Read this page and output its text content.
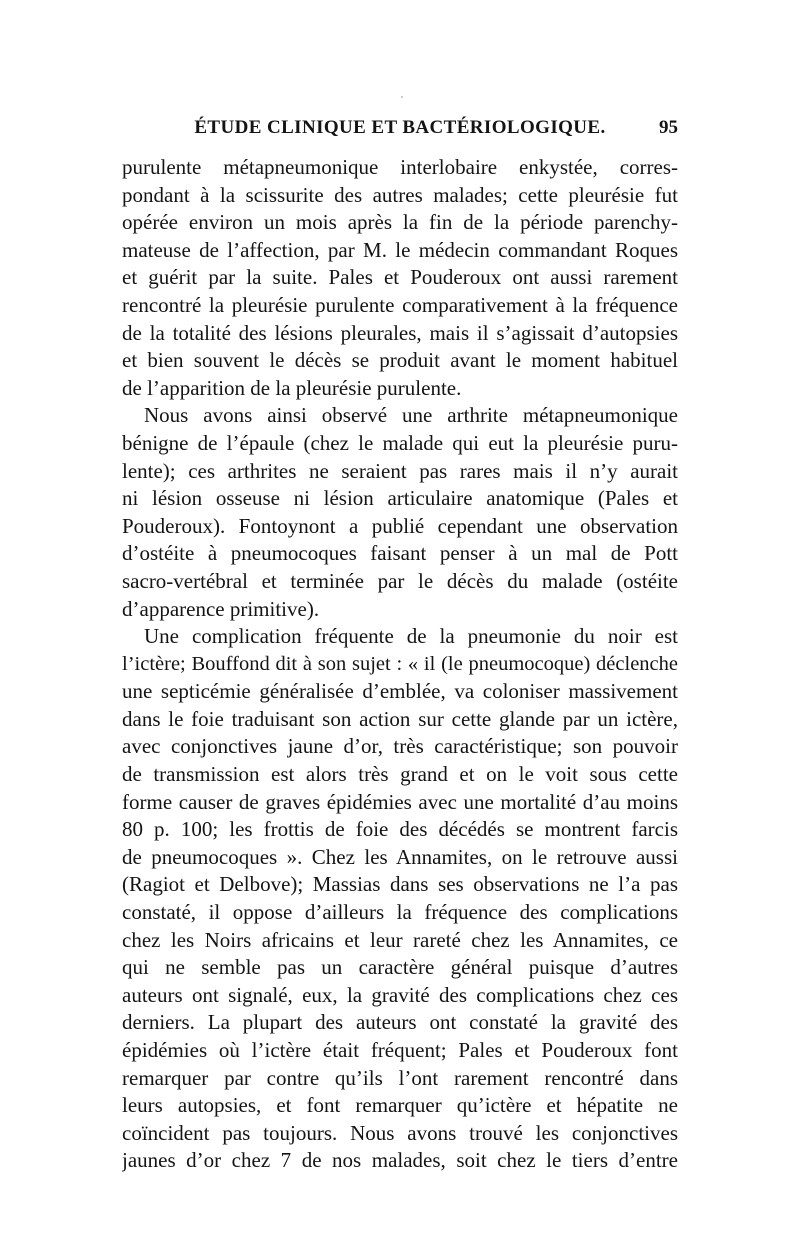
ÉTUDE CLINIQUE ET BACTÉRIOLOGIQUE.	95
purulente métapneumonique interlobaire enkystée, corres-
pondant à la scissurite des autres malades; cette pleurésie fut
opérée environ un mois après la fin de la période parenchy-
mateuse de l’affection, par M. le médecin commandant Roques
et guérit par la suite. Pales et Pouderoux ont aussi rarement
rencontré la pleurésie purulente comparativement à la fréquence
de la totalité des lésions pleurales, mais il s’agissait d’autopsies
et bien souvent le décès se produit avant le moment habituel
de l’apparition de la pleurésie purulente.
Nous avons ainsi observé une arthrite métapneumonique
bénigne de l’épaule (chez le malade qui eut la pleurésie puru-
lente); ces arthrites ne seraient pas rares mais il n’y aurait
ni lésion osseuse ni lésion articulaire anatomique (Pales et
Pouderoux). Fontoynont a publié cependant une observation
d’ostéite à pneumocoques faisant penser à un mal de Pott
sacro-vertébral et terminée par le décès du malade (ostéite
d’apparence primitive).
Une complication fréquente de la pneumonie du noir est
l’ictère; Bouffond dit à son sujet : « il (le pneumocoque) déclenche
une septicémie généralisée d’emblée, va coloniser massivement
dans le foie traduisant son action sur cette glande par un ictère,
avec conjonctives jaune d’or, très caractéristique; son pouvoir
de transmission est alors très grand et on le voit sous cette
forme causer de graves épidémies avec une mortalité d’au moins
80 p. 100; les frottis de foie des décédés se montrent farcis
de pneumocoques ». Chez les Annamites, on le retrouve aussi
(Ragiot et Delbove); Massias dans ses observations ne l’a pas
constaté, il oppose d’ailleurs la fréquence des complications
chez les Noirs africains et leur rareté chez les Annamites, ce
qui ne semble pas un caractère général puisque d’autres
auteurs ont signalé, eux, la gravité des complications chez ces
derniers. La plupart des auteurs ont constaté la gravité des
épidémies où l’ictère était fréquent; Pales et Pouderoux font
remarquer par contre qu’ils l’ont rarement rencontré dans
leurs autopsies, et font remarquer qu’ictère et hépatite ne
coïncident pas toujours. Nous avons trouvé les conjonctives
jaunes d’or chez 7 de nos malades, soit chez le tiers d’entre
